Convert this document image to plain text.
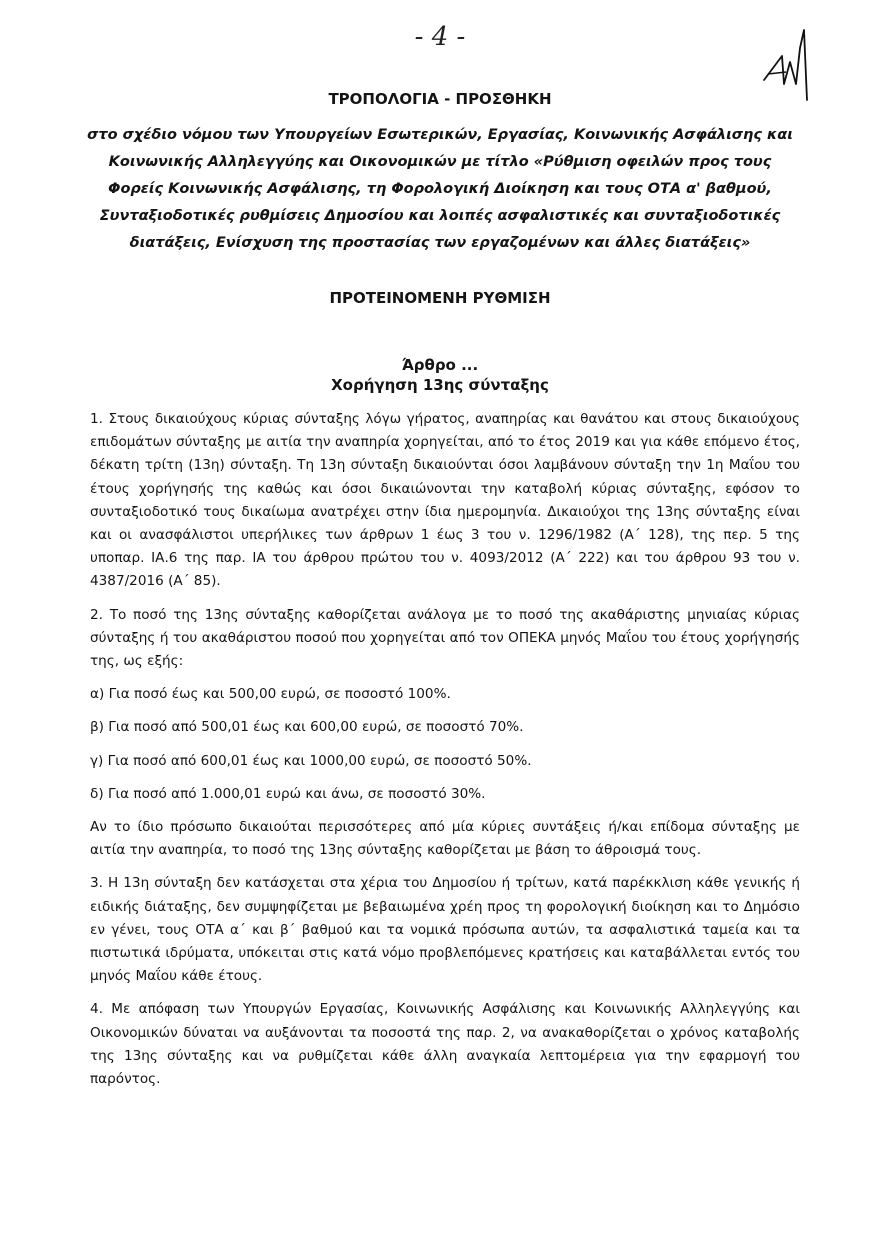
- 4 -
ΤΡΟΠΟΛΟΓΙΑ - ΠΡΟΣΘΗΚΗ
στο σχέδιο νόμου των Υπουργείων Εσωτερικών, Εργασίας, Κοινωνικής Ασφάλισης και Κοινωνικής Αλληλεγγύης και Οικονομικών με τίτλο «Ρύθμιση οφειλών προς τους Φορείς Κοινωνικής Ασφάλισης, τη Φορολογική Διοίκηση και τους ΟΤΑ α' βαθμού, Συνταξιοδοτικές ρυθμίσεις Δημοσίου και λοιπές ασφαλιστικές και συνταξιοδοτικές διατάξεις, Ενίσχυση της προστασίας των εργαζομένων και άλλες διατάξεις»
ΠΡΟΤΕΙΝΟΜΕΝΗ ΡΥΘΜΙΣΗ
Άρθρο ...
Χορήγηση 13ης σύνταξης

1. Στους δικαιούχους κύριας σύνταξης λόγω γήρατος, αναπηρίας και θανάτου και στους δικαιούχους επιδομάτων σύνταξης με αιτία την αναπηρία χορηγείται, από το έτος 2019 και για κάθε επόμενο έτος, δέκατη τρίτη (13η) σύνταξη. Τη 13η σύνταξη δικαιούνται όσοι λαμβάνουν σύνταξη την 1η Μαΐου του έτους χορήγησής της καθώς και όσοι δικαιώνονται την καταβολή κύριας σύνταξης, εφόσον το συνταξιοδοτικό τους δικαίωμα ανατρέχει στην ίδια ημερομηνία. Δικαιούχοι της 13ης σύνταξης είναι και οι ανασφάλιστοι υπερήλικες των άρθρων 1 έως 3 του ν. 1296/1982 (Α΄ 128), της περ. 5 της υποπαρ. ΙΑ.6 της παρ. ΙΑ του άρθρου πρώτου του ν. 4093/2012 (Α΄ 222) και του άρθρου 93 του ν. 4387/2016 (Α΄ 85).

2. Το ποσό της 13ης σύνταξης καθορίζεται ανάλογα με το ποσό της ακαθάριστης μηνιαίας κύριας σύνταξης ή του ακαθάριστου ποσού που χορηγείται από τον ΟΠΕΚΑ μηνός Μαΐου του έτους χορήγησής της, ως εξής:

α) Για ποσό έως και 500,00 ευρώ, σε ποσοστό 100%.

β) Για ποσό από 500,01 έως και 600,00 ευρώ, σε ποσοστό 70%.

γ) Για ποσό από 600,01 έως και 1000,00 ευρώ, σε ποσοστό 50%.

δ) Για ποσό από 1.000,01 ευρώ και άνω, σε ποσοστό 30%.

Αν το ίδιο πρόσωπο δικαιούται περισσότερες από μία κύριες συντάξεις ή/και επίδομα σύνταξης με αιτία την αναπηρία, το ποσό της 13ης σύνταξης καθορίζεται με βάση το άθροισμά τους.

3. Η 13η σύνταξη δεν κατάσχεται στα χέρια του Δημοσίου ή τρίτων, κατά παρέκκλιση κάθε γενικής ή ειδικής διάταξης, δεν συμψηφίζεται με βεβαιωμένα χρέη προς τη φορολογική διοίκηση και το Δημόσιο εν γένει, τους ΟΤΑ α΄ και β΄ βαθμού και τα νομικά πρόσωπα αυτών, τα ασφαλιστικά ταμεία και τα πιστωτικά ιδρύματα, υπόκειται στις κατά νόμο προβλεπόμενες κρατήσεις και καταβάλλεται εντός του μηνός Μαΐου κάθε έτους.

4. Με απόφαση των Υπουργών Εργασίας, Κοινωνικής Ασφάλισης και Κοινωνικής Αλληλεγγύης και Οικονομικών δύναται να αυξάνονται τα ποσοστά της παρ. 2, να ανακαθορίζεται ο χρόνος καταβολής της 13ης σύνταξης και να ρυθμίζεται κάθε άλλη αναγκαία λεπτομέρεια για την εφαρμογή του παρόντος.
